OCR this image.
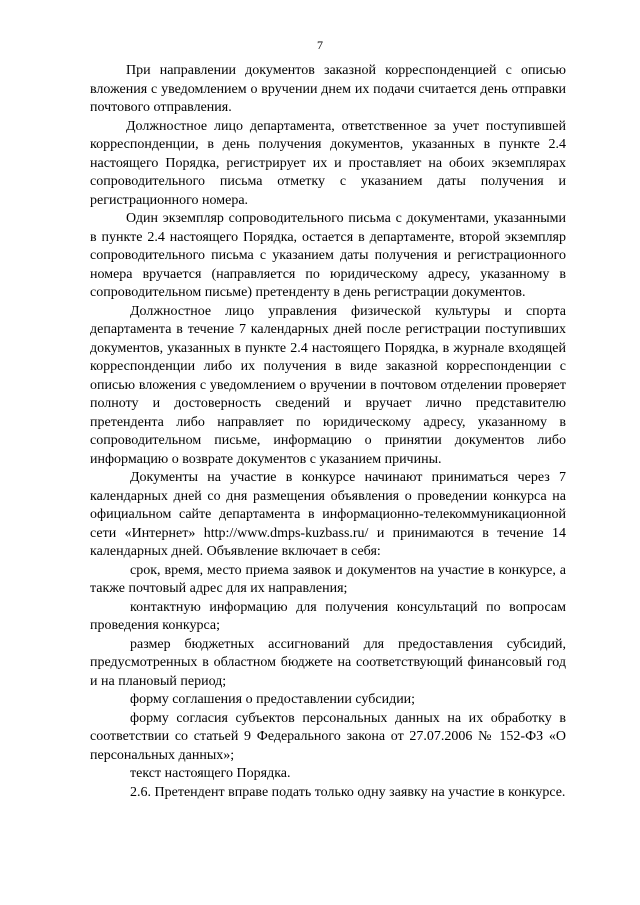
7

При направлении документов заказной корреспонденцией с описью вложения с уведомлением о вручении днем их подачи считается день отправки почтового отправления.

Должностное лицо департамента, ответственное за учет поступившей корреспонденции, в день получения документов, указанных в пункте 2.4 настоящего Порядка, регистрирует их и проставляет на обоих экземплярах сопроводительного письма отметку с указанием даты получения и регистрационного номера.

Один экземпляр сопроводительного письма с документами, указанными в пункте 2.4 настоящего Порядка, остается в департаменте, второй экземпляр сопроводительного письма с указанием даты получения и регистрационного номера вручается (направляется по юридическому адресу, указанному в сопроводительном письме) претенденту в день регистрации документов.

Должностное лицо управления физической культуры и спорта департамента в течение 7 календарных дней после регистрации поступивших документов, указанных в пункте 2.4 настоящего Порядка, в журнале входящей корреспонденции либо их получения в виде заказной корреспонденции с описью вложения с уведомлением о вручении в почтовом отделении проверяет полноту и достоверность сведений и вручает лично представителю претендента либо направляет по юридическому адресу, указанному в сопроводительном письме, информацию о принятии документов либо информацию о возврате документов с указанием причины.

Документы на участие в конкурсе начинают приниматься через 7 календарных дней со дня размещения объявления о проведении конкурса на официальном сайте департамента в информационно-телекоммуникационной сети «Интернет» http://www.dmps-kuzbass.ru/ и принимаются в течение 14 календарных дней. Объявление включает в себя:

срок, время, место приема заявок и документов на участие в конкурсе, а также почтовый адрес для их направления;

контактную информацию для получения консультаций по вопросам проведения конкурса;

размер бюджетных ассигнований для предоставления субсидий, предусмотренных в областном бюджете на соответствующий финансовый год и на плановый период;

форму соглашения о предоставлении субсидии;

форму согласия субъектов персональных данных на их обработку в соответствии со статьей 9 Федерального закона от 27.07.2006 № 152-ФЗ «О персональных данных»;

текст настоящего Порядка.

2.6. Претендент вправе подать только одну заявку на участие в конкурсе.
